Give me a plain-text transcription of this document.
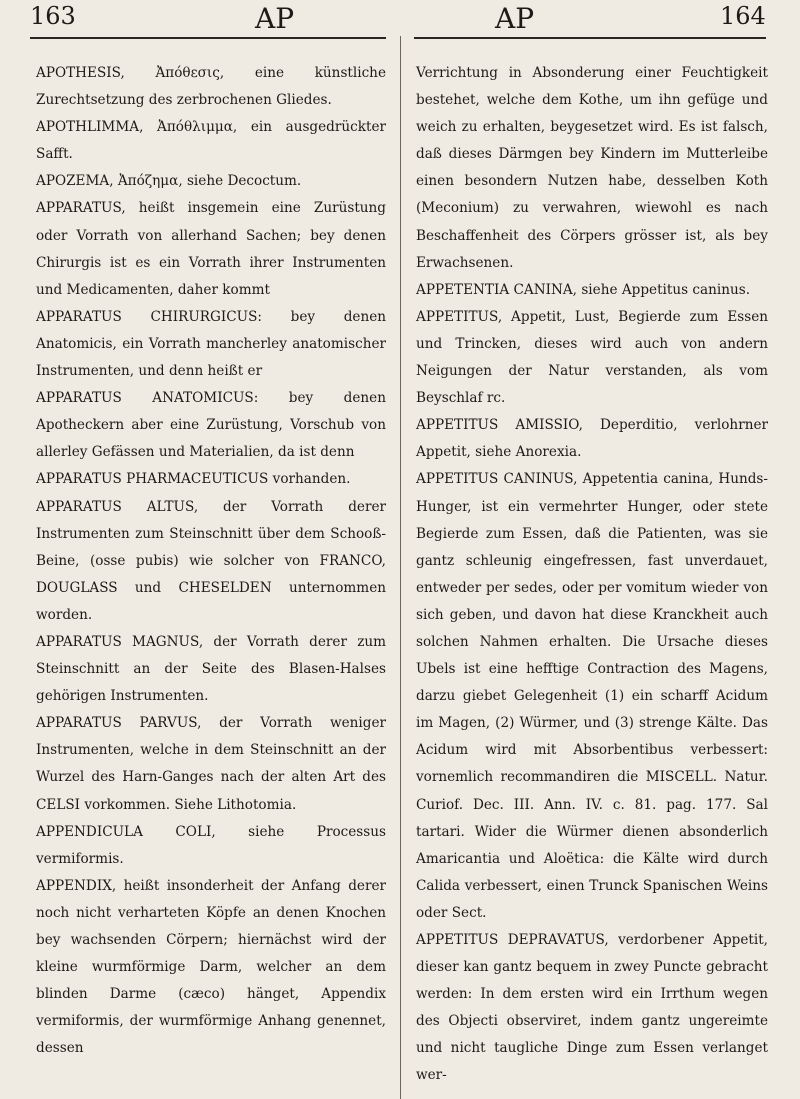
163	AP	AP	164

APOTHESIS, Ἀπόθεσις, eine künstliche Zurechtsetzung des zerbrochenen Gliedes.

APOTHLIMMA, Ἀπόθλιμμα, ein ausgedrückter Safft.

APOZEMA, Ἀπόζημα, siehe Decoctum.

APPARATUS, heißt insgemein eine Zurüstung oder Vorrath von allerhand Sachen; bey denen Chirurgis ist es ein Vorrath ihrer Instrumenten und Medicamenten, daher kommt

APPARATUS CHIRURGICUS: bey denen Anatomicis, ein Vorrath mancherley anatomischer Instrumenten, und denn heißt er

APPARATUS ANATOMICUS: bey denen Apotheckern aber eine Zurüstung, Vorschub von allerley Gefässen und Materialien, da ist denn

APPARATUS PHARMACEUTICUS vorhanden.

APPARATUS ALTUS, der Vorrath derer Instrumenten zum Steinschnitt über dem Schooß-Beine, (osse pubis) wie solcher von FRANCO, DOUGLASS und CHESELDEN unternommen worden.

APPARATUS MAGNUS, der Vorrath derer zum Steinschnitt an der Seite des Blasen-Halses gehörigen Instrumenten.

APPARATUS PARVUS, der Vorrath weniger Instrumenten, welche in dem Steinschnitt an der Wurzel des Harn-Ganges nach der alten Art des CELSI vorkommen. Siehe Lithotomia.

APPENDICULA COLI, siehe Processus vermiformis.

APPENDIX, heißt insonderheit der Anfang derer noch nicht verharteten Köpfe an denen Knochen bey wachsenden Cörpern; hiernächst wird der kleine wurmförmige Darm, welcher an dem blinden Darme (cæco) hänget, Appendix vermiformis, der wurmförmige Anhang genennet, dessen

Verrichtung in Absonderung einer Feuchtigkeit bestehet, welche dem Kothe, um ihn gefüge und weich zu erhalten, beygesetzet wird. Es ist falsch, daß dieses Därmgen bey Kindern im Mutterleibe einen besondern Nutzen habe, desselben Koth (Meconium) zu verwahren, wiewohl es nach Beschaffenheit des Cörpers grösser ist, als bey Erwachsenen.

APPETENTIA CANINA, siehe Appetitus caninus.

APPETITUS, Appetit, Lust, Begierde zum Essen und Trincken, dieses wird auch von andern Neigungen der Natur verstanden, als vom Beyschlaf rc.

APPETITUS AMISSIO, Deperditio, verlohrner Appetit, siehe Anorexia.

APPETITUS CANINUS, Appetentia canina, Hunds-Hunger, ist ein vermehrter Hunger, oder stete Begierde zum Essen, daß die Patienten, was sie gantz schleunig eingefressen, fast unverdauet, entweder per sedes, oder per vomitum wieder von sich geben, und davon hat diese Kranckheit auch solchen Nahmen erhalten. Die Ursache dieses Ubels ist eine hefftige Contraction des Magens, darzu giebet Gelegenheit (1) ein scharff Acidum im Magen, (2) Würmer, und (3) strenge Kälte. Das Acidum wird mit Absorbentibus verbessert: vornemlich recommandiren die MISCELL. Natur. Curiof. Dec. III. Ann. IV. c. 81. pag. 177. Sal tartari. Wider die Würmer dienen absonderlich Amaricantia und Aloëtica: die Kälte wird durch Calida verbessert, einen Trunck Spanischen Weins oder Sect.

APPETITUS DEPRAVATUS, verdorbener Appetit, dieser kan gantz bequem in zwey Puncte gebracht werden: In dem ersten wird ein Irrthum wegen des Objecti observiret, indem gantz ungereimte und nicht taugliche Dinge zum Essen verlanget wer-
